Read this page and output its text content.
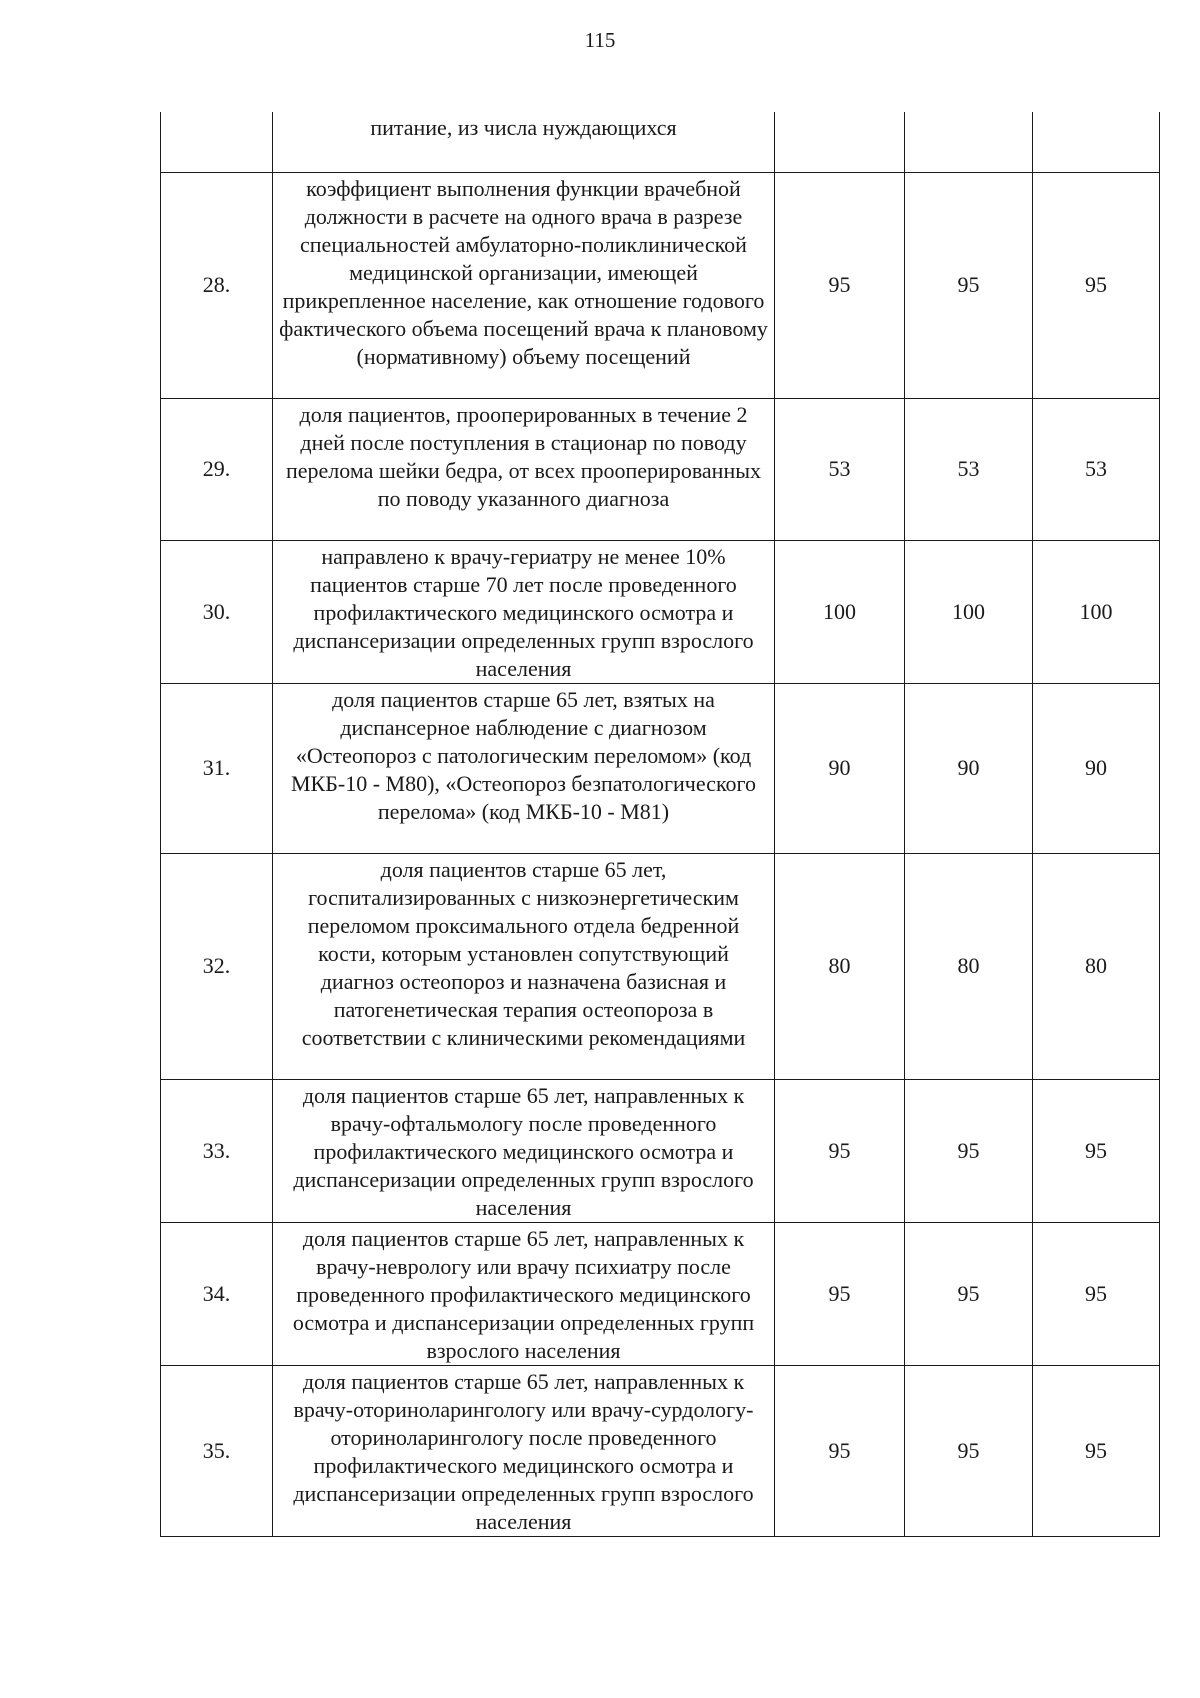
115
	питание, из числа нуждающихся			
28.	коэффициент выполнения функции врачебной должности в расчете на одного врача в разрезе специальностей амбулаторно-поликлинической медицинской организации, имеющей прикрепленное население, как отношение годового фактического объема посещений врача к плановому (нормативному) объему посещений	95	95	95
29.	доля пациентов, прооперированных в течение 2 дней после поступления в стационар по поводу перелома шейки бедра, от всех прооперированных по поводу указанного диагноза	53	53	53
30.	направлено к врачу-гериатру не менее 10% пациентов старше 70 лет после проведенного профилактического медицинского осмотра и диспансеризации определенных групп взрослого населения	100	100	100
31.	доля пациентов старше 65 лет, взятых на диспансерное наблюдение с диагнозом «Остеопороз с патологическим переломом» (код МКБ-10 - М80), «Остеопороз безпатологического перелома» (код МКБ-10 - М81)	90	90	90
32.	доля пациентов старше 65 лет, госпитализированных с низкоэнергетическим переломом проксимального отдела бедренной кости, которым установлен сопутствующий диагноз остеопороз и назначена базисная и патогенетическая терапия остеопороза в соответствии с клиническими рекомендациями	80	80	80
33.	доля пациентов старше 65 лет, направленных к врачу-офтальмологу после проведенного профилактического медицинского осмотра и диспансеризации определенных групп взрослого населения	95	95	95
34.	доля пациентов старше 65 лет, направленных к врачу-неврологу или врачу психиатру после проведенного профилактического медицинского осмотра и диспансеризации определенных групп взрослого населения	95	95	95
35.	доля пациентов старше 65 лет, направленных к врачу-оториноларингологу или врачу-сурдологу-оториноларингологу после проведенного профилактического медицинского осмотра и диспансеризации определенных групп взрослого населения	95	95	95
